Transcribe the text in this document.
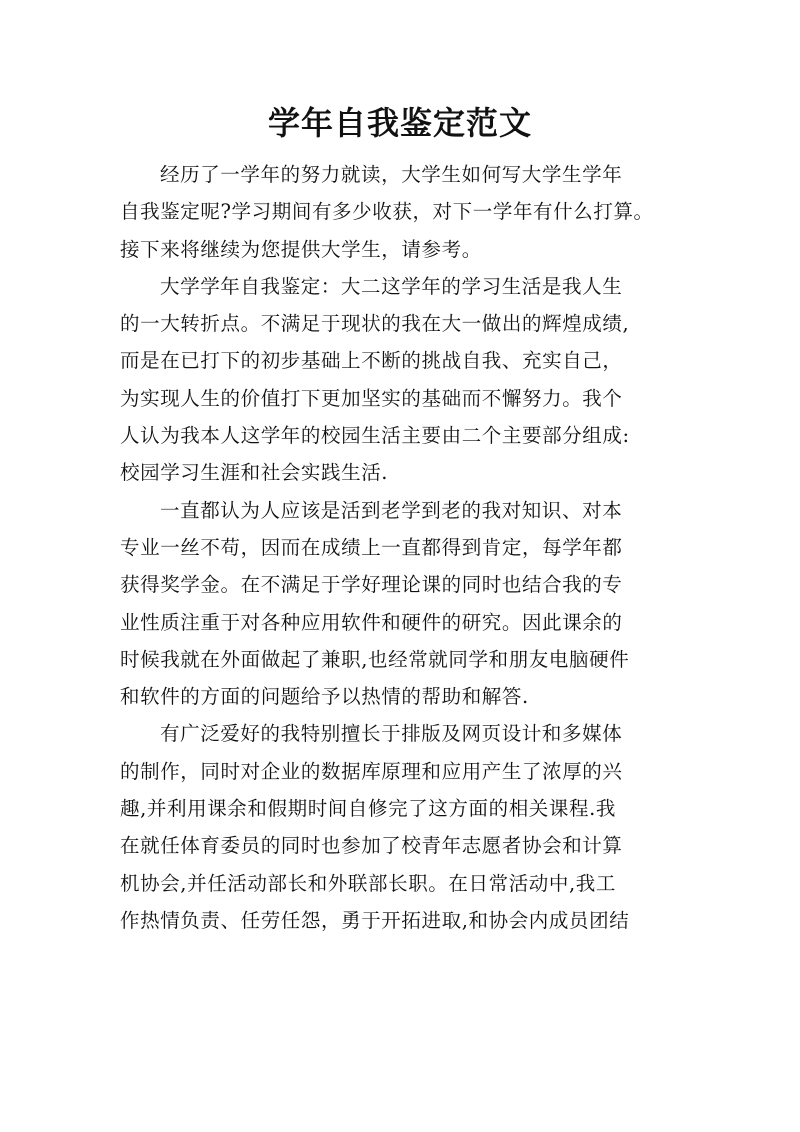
学年自我鉴定范文
经历了一学年的努力就读，大学生如何写大学生学年
自我鉴定呢?学习期间有多少收获，对下一学年有什么打算。
接下来将继续为您提供大学生，请参考。
大学学年自我鉴定：大二这学年的学习生活是我人生
的一大转折点。不满足于现状的我在大一做出的辉煌成绩,
而是在已打下的初步基础上不断的挑战自我、充实自己，
为实现人生的价值打下更加坚实的基础而不懈努力。我个
人认为我本人这学年的校园生活主要由二个主要部分组成:
校园学习生涯和社会实践生活.
一直都认为人应该是活到老学到老的我对知识、对本
专业一丝不苟，因而在成绩上一直都得到肯定，每学年都
获得奖学金。在不满足于学好理论课的同时也结合我的专
业性质注重于对各种应用软件和硬件的研究。因此课余的
时候我就在外面做起了兼职,也经常就同学和朋友电脑硬件
和软件的方面的问题给予以热情的帮助和解答.
有广泛爱好的我特别擅长于排版及网页设计和多媒体
的制作，同时对企业的数据库原理和应用产生了浓厚的兴
趣,并利用课余和假期时间自修完了这方面的相关课程.我
在就任体育委员的同时也参加了校青年志愿者协会和计算
机协会,并任活动部长和外联部长职。在日常活动中,我工
作热情负责、任劳任怨，勇于开拓进取,和协会内成员团结
